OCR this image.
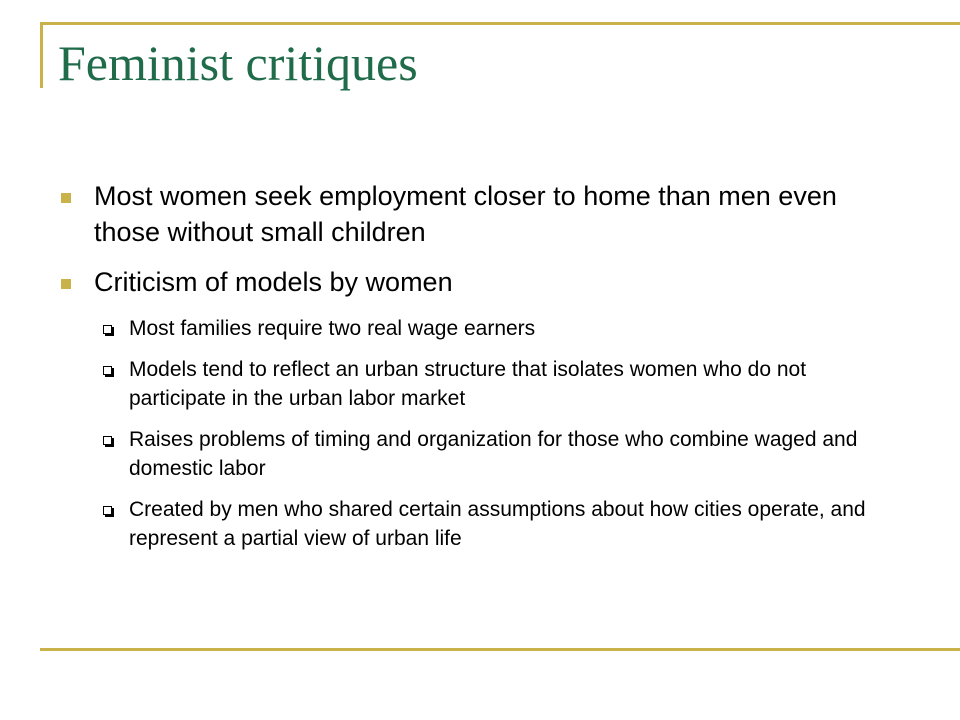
Feminist critiques
Most women seek employment closer to home than men even those without small children
Criticism of models by women
Most families require two real wage earners
Models tend to reflect an urban structure that isolates women who do not participate in the urban labor market
Raises problems of timing and organization for those who combine waged and domestic labor
Created by men who shared certain assumptions about how cities operate, and represent a partial view of urban life
